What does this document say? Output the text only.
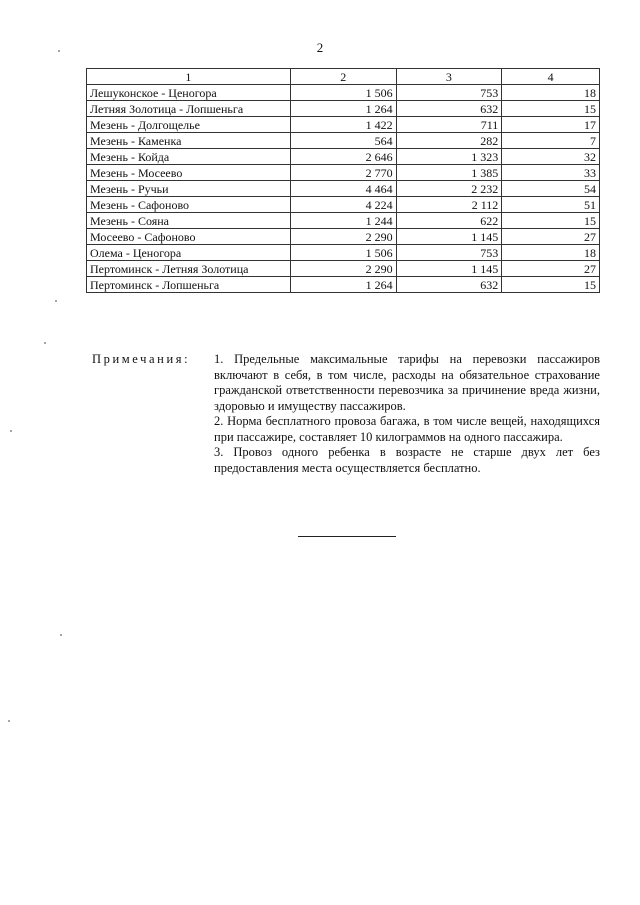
2
1	2	3	4
Лешуконское - Ценогора	1 506	753	18
Летняя Золотица - Лопшеньга	1 264	632	15
Мезень - Долгощелье	1 422	711	17
Мезень - Каменка	564	282	7
Мезень - Койда	2 646	1 323	32
Мезень - Мосеево	2 770	1 385	33
Мезень - Ручьи	4 464	2 232	54
Мезень - Сафоново	4 224	2 112	51
Мезень - Сояна	1 244	622	15
Мосеево - Сафоново	2 290	1 145	27
Олема - Ценогора	1 506	753	18
Пертоминск - Летняя Золотица	2 290	1 145	27
Пертоминск - Лопшеньга	1 264	632	15
Примечания: 1. Предельные максимальные тарифы на перевозки пассажиров включают в себя, в том числе, расходы на обязательное страхование гражданской ответственности перевозчика за причинение вреда жизни, здоровью и имуществу пассажиров.

2. Норма бесплатного провоза багажа, в том числе вещей, находящихся при пассажире, составляет 10 килограммов на одного пассажира.

3. Провоз одного ребенка в возрасте не старше двух лет без предоставления места осуществляется бесплатно.
